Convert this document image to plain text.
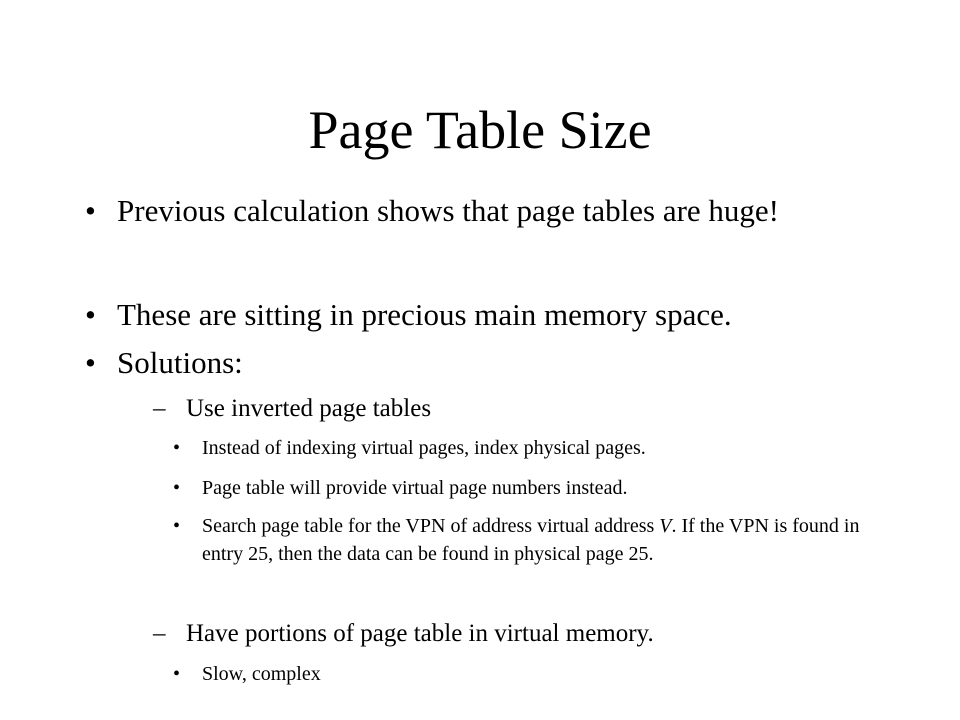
Page Table Size
• Previous calculation shows that page tables are huge!
• These are sitting in precious main memory space.
• Solutions:
– Use inverted page tables
• Instead of indexing virtual pages, index physical pages.
• Page table will provide virtual page numbers instead.
• Search page table for the VPN of address virtual address V. If the VPN is found in entry 25, then the data can be found in physical page 25.
– Have portions of page table in virtual memory.
• Slow, complex
